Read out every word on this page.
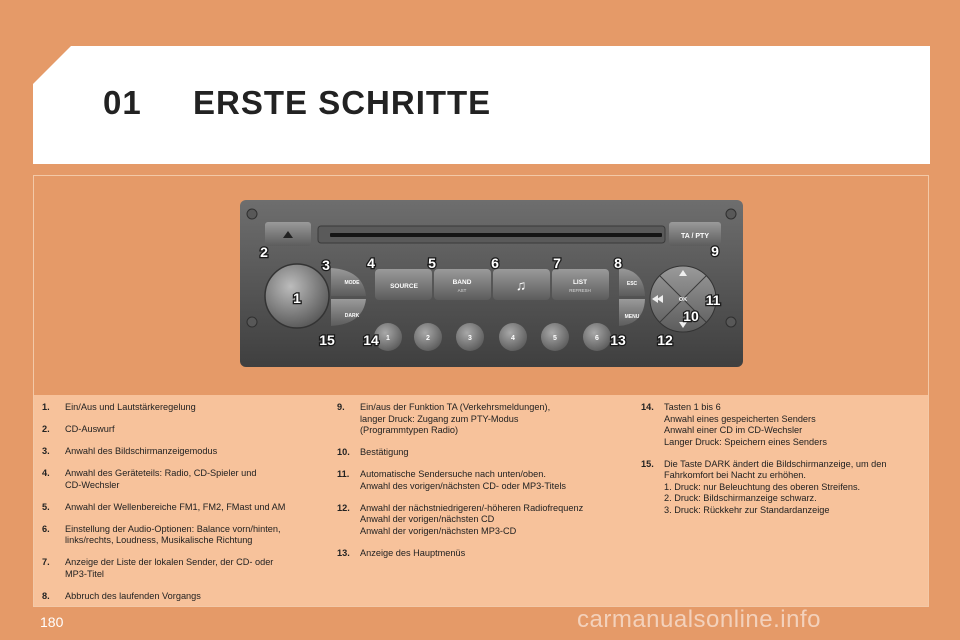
01 ERSTE SCHRITTE
TA / PTY
MODE
DARK
SOURCE
BAND
AST	♫	LIST
REFRESH
ESC
MENU
OK
1	2	3	4	5	6
1
2
3	4	5	6	7	8
9
10
11
12
13
14
15
1.	Ein/Aus und Lautstärkeregelung
2.	CD-Auswurf
3.	Anwahl des Bildschirmanzeigemodus
4.	Anwahl des Geräteteils: Radio, CD-Spieler und
CD-Wechsler
5.	Anwahl der Wellenbereiche FM1, FM2, FMast und AM
6.	Einstellung der Audio-Optionen: Balance vorn/hinten,
links/rechts, Loudness, Musikalische Richtung
7.	Anzeige der Liste der lokalen Sender, der CD- oder
MP3-Titel
8.	Abbruch des laufenden Vorgangs
9.	Ein/aus der Funktion TA (Verkehrsmeldungen),
langer Druck: Zugang zum PTY-Modus
(Programmtypen Radio)
10.	Bestätigung
11.	Automatische Sendersuche nach unten/oben.
Anwahl des vorigen/nächsten CD- oder MP3-Titels
12.	Anwahl der nächstniedrigeren/-höheren Radiofrequenz
Anwahl der vorigen/nächsten CD
Anwahl der vorigen/nächsten MP3-CD
13.	Anzeige des Hauptmenüs
14.	Tasten 1 bis 6
Anwahl eines gespeicherten Senders
Anwahl einer CD im CD-Wechsler
Langer Druck: Speichern eines Senders
15.	Die Taste DARK ändert die Bildschirmanzeige, um den
Fahrkomfort bei Nacht zu erhöhen.
1. Druck: nur Beleuchtung des oberen Streifens.
2. Druck: Bildschirmanzeige schwarz.
3. Druck: Rückkehr zur Standardanzeige
180	carmanualsonline.info
